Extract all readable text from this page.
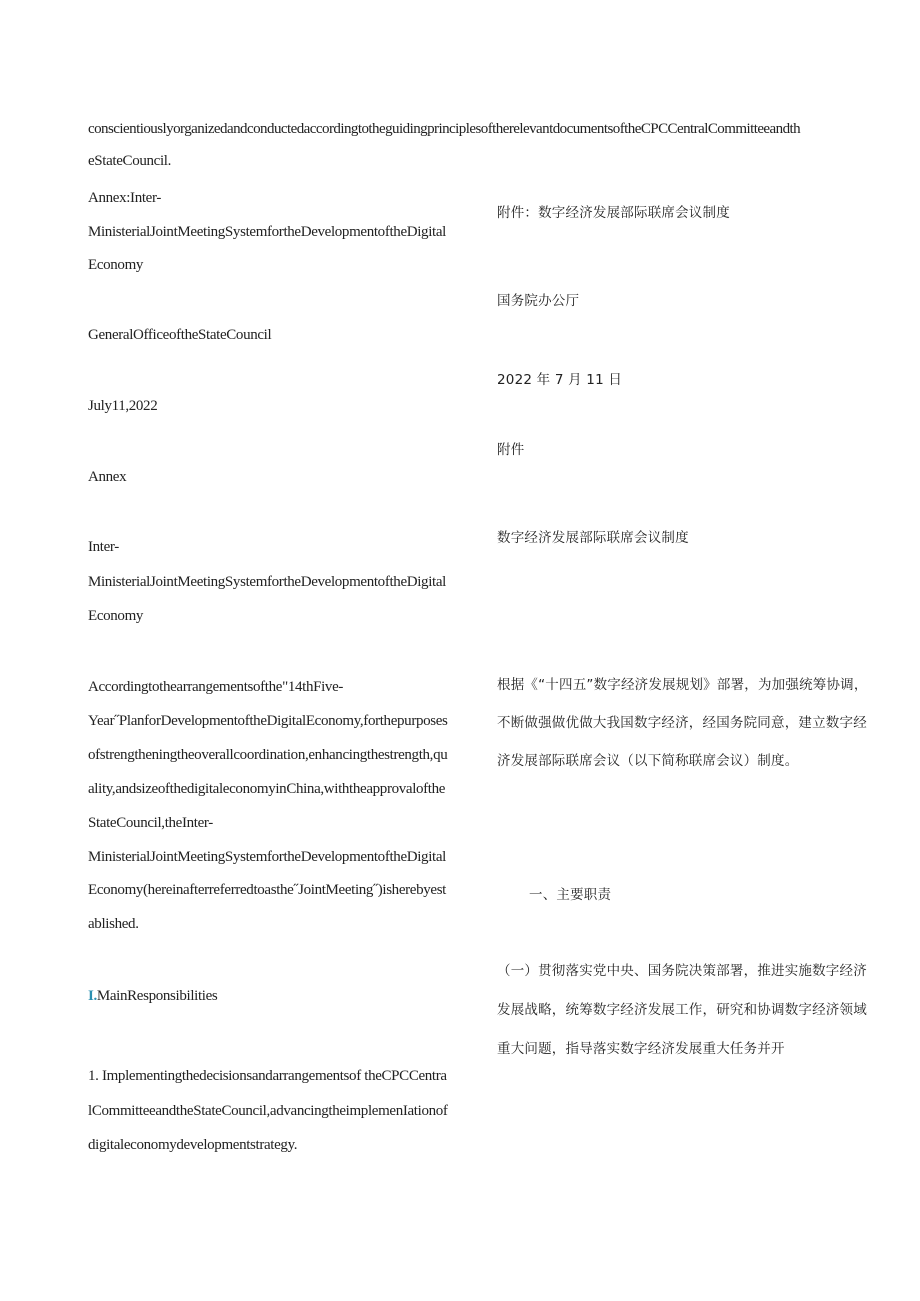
conscientiouslyorganizedandconductedaccordingtotheguidingprinciplesoftherelevantdocumentsoftheCPCCentralCommitteeandth
eStateCouncil.
Annex:Inter-
MinisterialJointMeetingSystemfortheDevelopmentoftheDigital
Economy
GeneralOfficeoftheStateCouncil
July11,2022
Annex
Inter-
MinisterialJointMeetingSystemfortheDevelopmentoftheDigital
Economy
Accordingtothearrangementsofthe"14thFive-
Year˝PlanforDevelopmentoftheDigitalEconomy,forthepurposes
ofstrengtheningtheoverallcoordination,enhancingthestrength,qu
ality,andsizeofthedigitaleconomyinChina,withtheapprovalofthe
StateCouncil,theInter-
MinisterialJointMeetingSystemfortheDevelopmentoftheDigital
Economy(hereinafterreferredtoasthe˝JointMeeting˝)isherebyest
ablished.
I.MainResponsibilities
1. Implementingthedecisionsandarrangementsof theCPCCentra
lCommitteeandtheStateCouncil,advancingtheimplemenIationof
digitaleconomydevelopmentstrategy.
附件：数字经济发展部际联席会议制度
国务院办公厅
2022 年 7 月 11 日
附件
数字经济发展部际联席会议制度
根据《“十四五”数字经济发展规划》部署，为加强统筹协调，
不断做强做优做大我国数字经济，经国务院同意，建立数字经
济发展部际联席会议（以下简称联席会议）制度。
一、主要职责
（一）贯彻落实党中央、国务院决策部署，推进实施数字经济
发展战略，统筹数字经济发展工作，研究和协调数字经济领域
重大问题，指导落实数字经济发展重大任务并开
